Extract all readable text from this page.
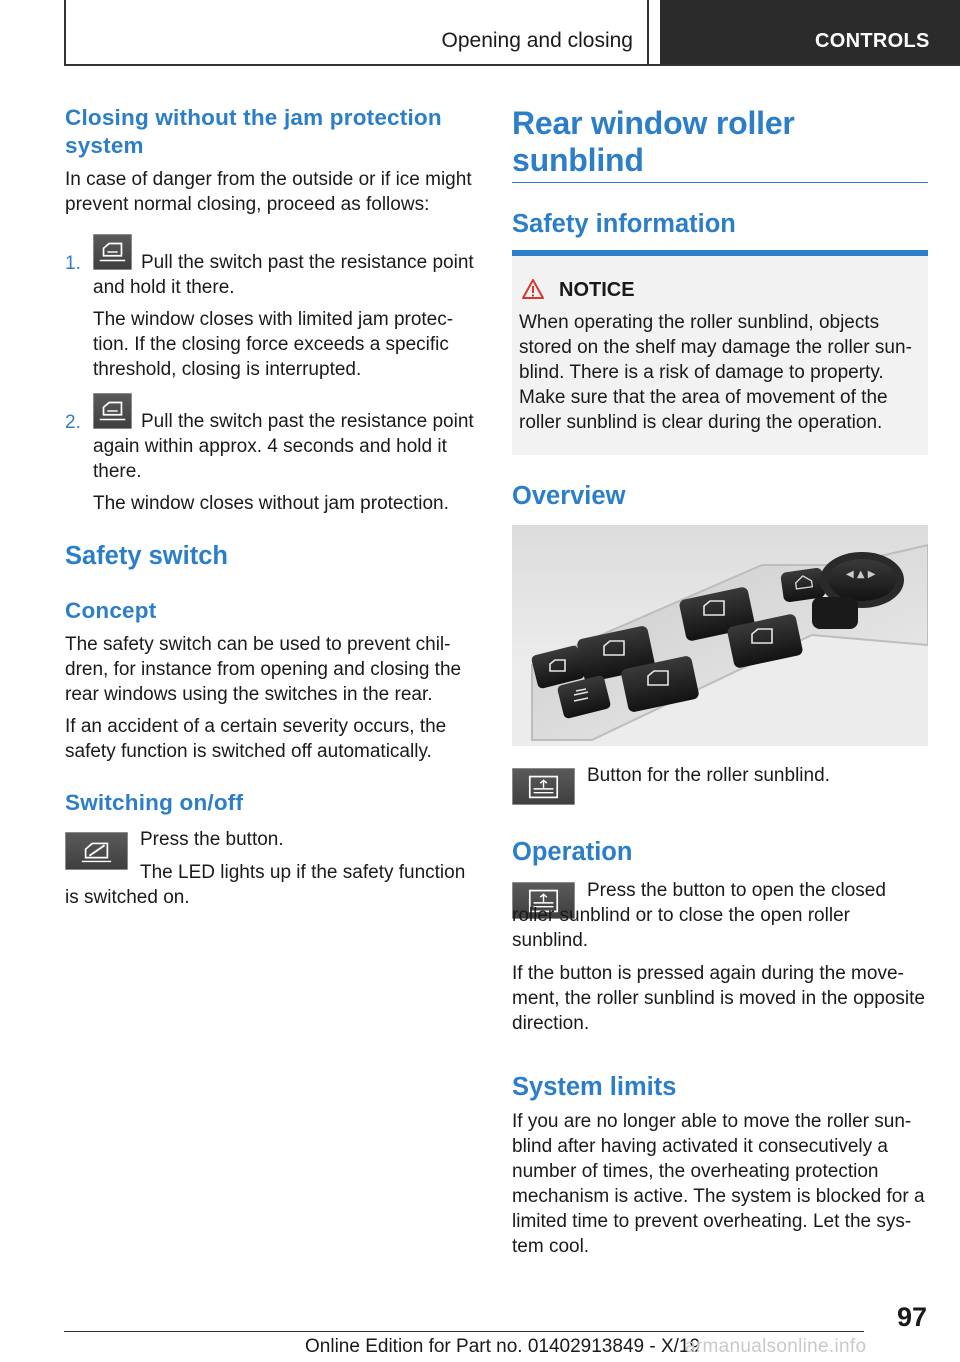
Opening and closing	CONTROLS
Closing without the jam protection system
In case of danger from the outside or if ice might prevent normal closing, proceed as follows:
1.	Pull the switch past the resistance point and hold it there.
The window closes with limited jam protection. If the closing force exceeds a specific threshold, closing is interrupted.
2.	Pull the switch past the resistance point again within approx. 4 seconds and hold it there.
The window closes without jam protection.
Safety switch
Concept
The safety switch can be used to prevent children, for instance from opening and closing the rear windows using the switches in the rear.
If an accident of a certain severity occurs, the safety function is switched off automatically.
Switching on/off
Press the button.
The LED lights up if the safety function is switched on.
Rear window roller sunblind
Safety information
NOTICE
When operating the roller sunblind, objects stored on the shelf may damage the roller sunblind. There is a risk of damage to property. Make sure that the area of movement of the roller sunblind is clear during the operation.
Overview
◀ ▲ ▶
Button for the roller sunblind.
Operation
Press the button to open the closed roller sunblind or to close the open roller sunblind.
If the button is pressed again during the movement, the roller sunblind is moved in the opposite direction.
System limits
If you are no longer able to move the roller sunblind after having activated it consecutively a number of times, the overheating protection mechanism is active. The system is blocked for a limited time to prevent overheating. Let the system cool.
97
Online Edition for Part no. 01402913849 - X/19
armanualsonline.info
